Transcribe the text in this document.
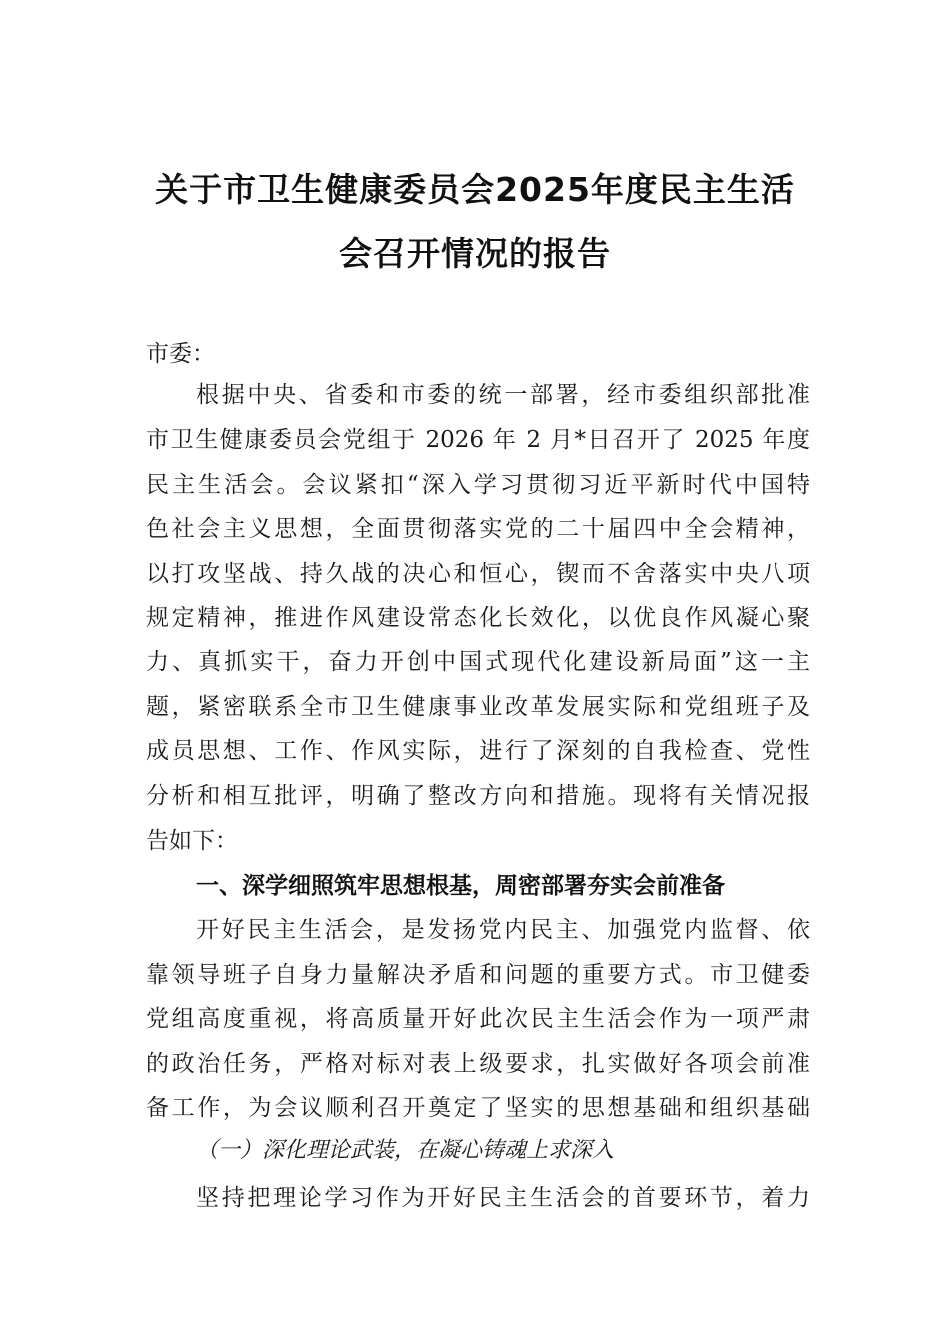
关于市卫生健康委员会2025年度民主生活
会召开情况的报告
市委：
根据中央、省委和市委的统一部署，经市委组织部批准
市卫生健康委员会党组于 2026 年 2 月*日召开了 2025 年度
民主生活会。会议紧扣“深入学习贯彻习近平新时代中国特
色社会主义思想，全面贯彻落实党的二十届四中全会精神，
以打攻坚战、持久战的决心和恒心，锲而不舍落实中央八项
规定精神，推进作风建设常态化长效化，以优良作风凝心聚
力、真抓实干，奋力开创中国式现代化建设新局面”这一主
题，紧密联系全市卫生健康事业改革发展实际和党组班子及
成员思想、工作、作风实际，进行了深刻的自我检查、党性
分析和相互批评，明确了整改方向和措施。现将有关情况报
告如下：
一、深学细照筑牢思想根基，周密部署夯实会前准备
开好民主生活会，是发扬党内民主、加强党内监督、依
靠领导班子自身力量解决矛盾和问题的重要方式。市卫健委
党组高度重视，将高质量开好此次民主生活会作为一项严肃
的政治任务，严格对标对表上级要求，扎实做好各项会前准
备工作，为会议顺利召开奠定了坚实的思想基础和组织基础
（一）深化理论武装，在凝心铸魂上求深入
坚持把理论学习作为开好民主生活会的首要环节，着力
